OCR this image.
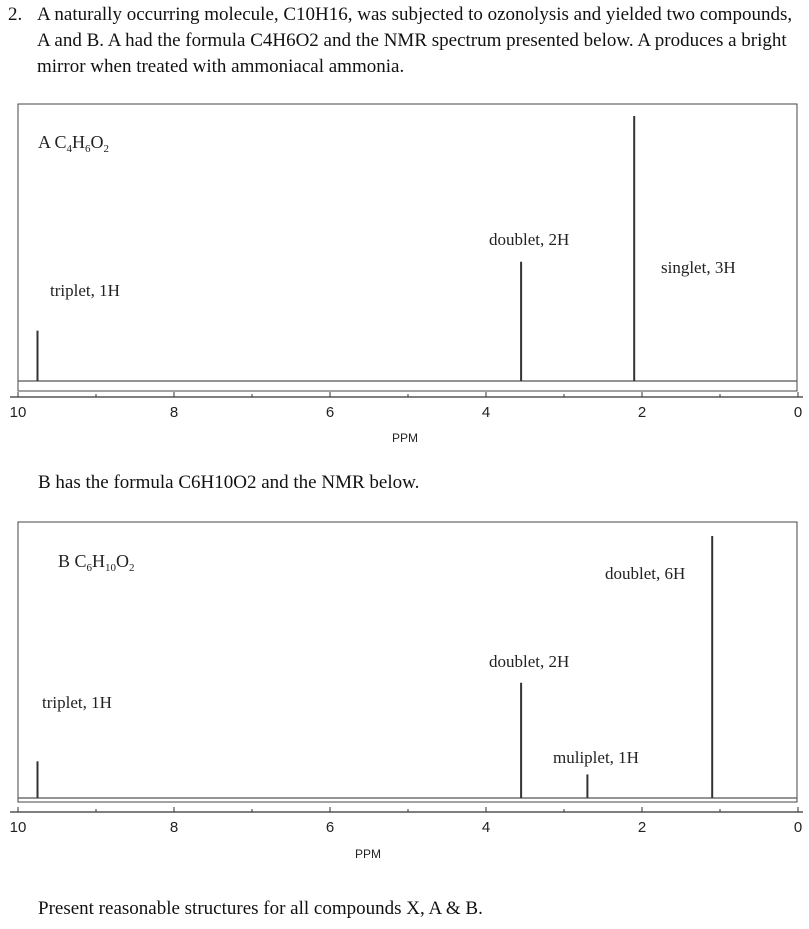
2. A naturally occurring molecule, C10H16, was subjected to ozonolysis and yielded two compounds, A and B. A had the formula C4H6O2 and the NMR spectrum presented below. A produces a bright mirror when treated with ammoniacal ammonia.
10	8	6	4	2	0
A $C_4H_6O_2$
triplet, 1H
doublet, 2H
singlet, 3H
PPM
B has the formula C6H10O2 and the NMR below.
10	8	6	4	2	0
B $C_6H_{10}O_2$
triplet, 1H
doublet, 2H
muliplet, 1H
doublet, 6H
PPM
Present reasonable structures for all compounds X, A & B.
